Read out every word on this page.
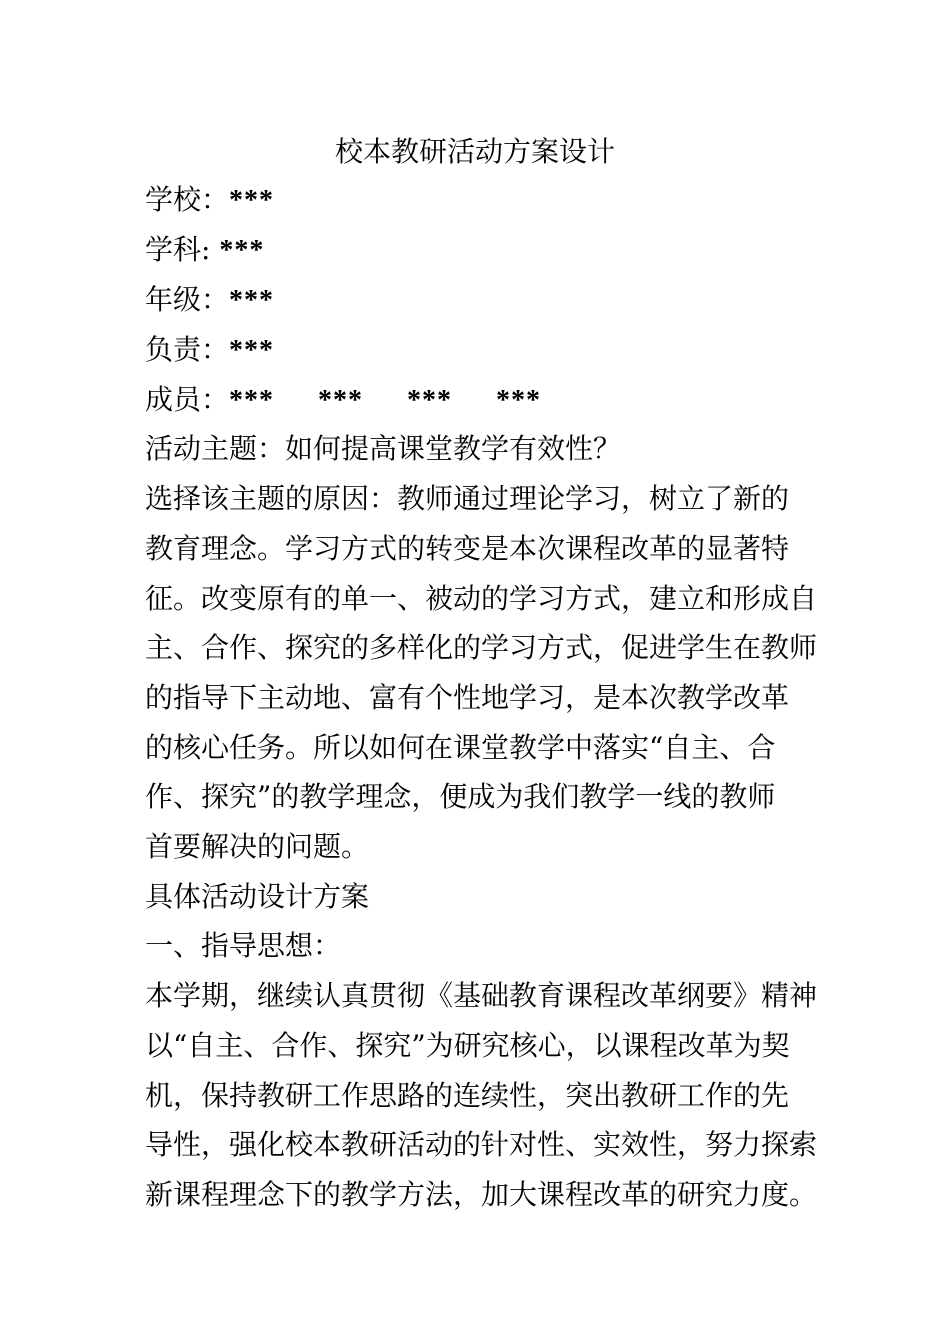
校本教研活动方案设计
学校：***
学科: ***
年级：***
负责：***
成员：*** *** *** ***
活动主题：如何提高课堂教学有效性？
选择该主题的原因：教师通过理论学习，树立了新的
教育理念。学习方式的转变是本次课程改革的显著特
征。改变原有的单一、被动的学习方式，建立和形成自
主、合作、探究的多样化的学习方式，促进学生在教师
的指导下主动地、富有个性地学习，是本次教学改革
的核心任务。所以如何在课堂教学中落实“自主、合
作、探究”的教学理念，便成为我们教学一线的教师
首要解决的问题。
具体活动设计方案
一、指导思想：
本学期，继续认真贯彻《基础教育课程改革纲要》精神
以“自主、合作、探究”为研究核心，以课程改革为契
机，保持教研工作思路的连续性，突出教研工作的先
导性，强化校本教研活动的针对性、实效性，努力探索
新课程理念下的教学方法，加大课程改革的研究力度。
